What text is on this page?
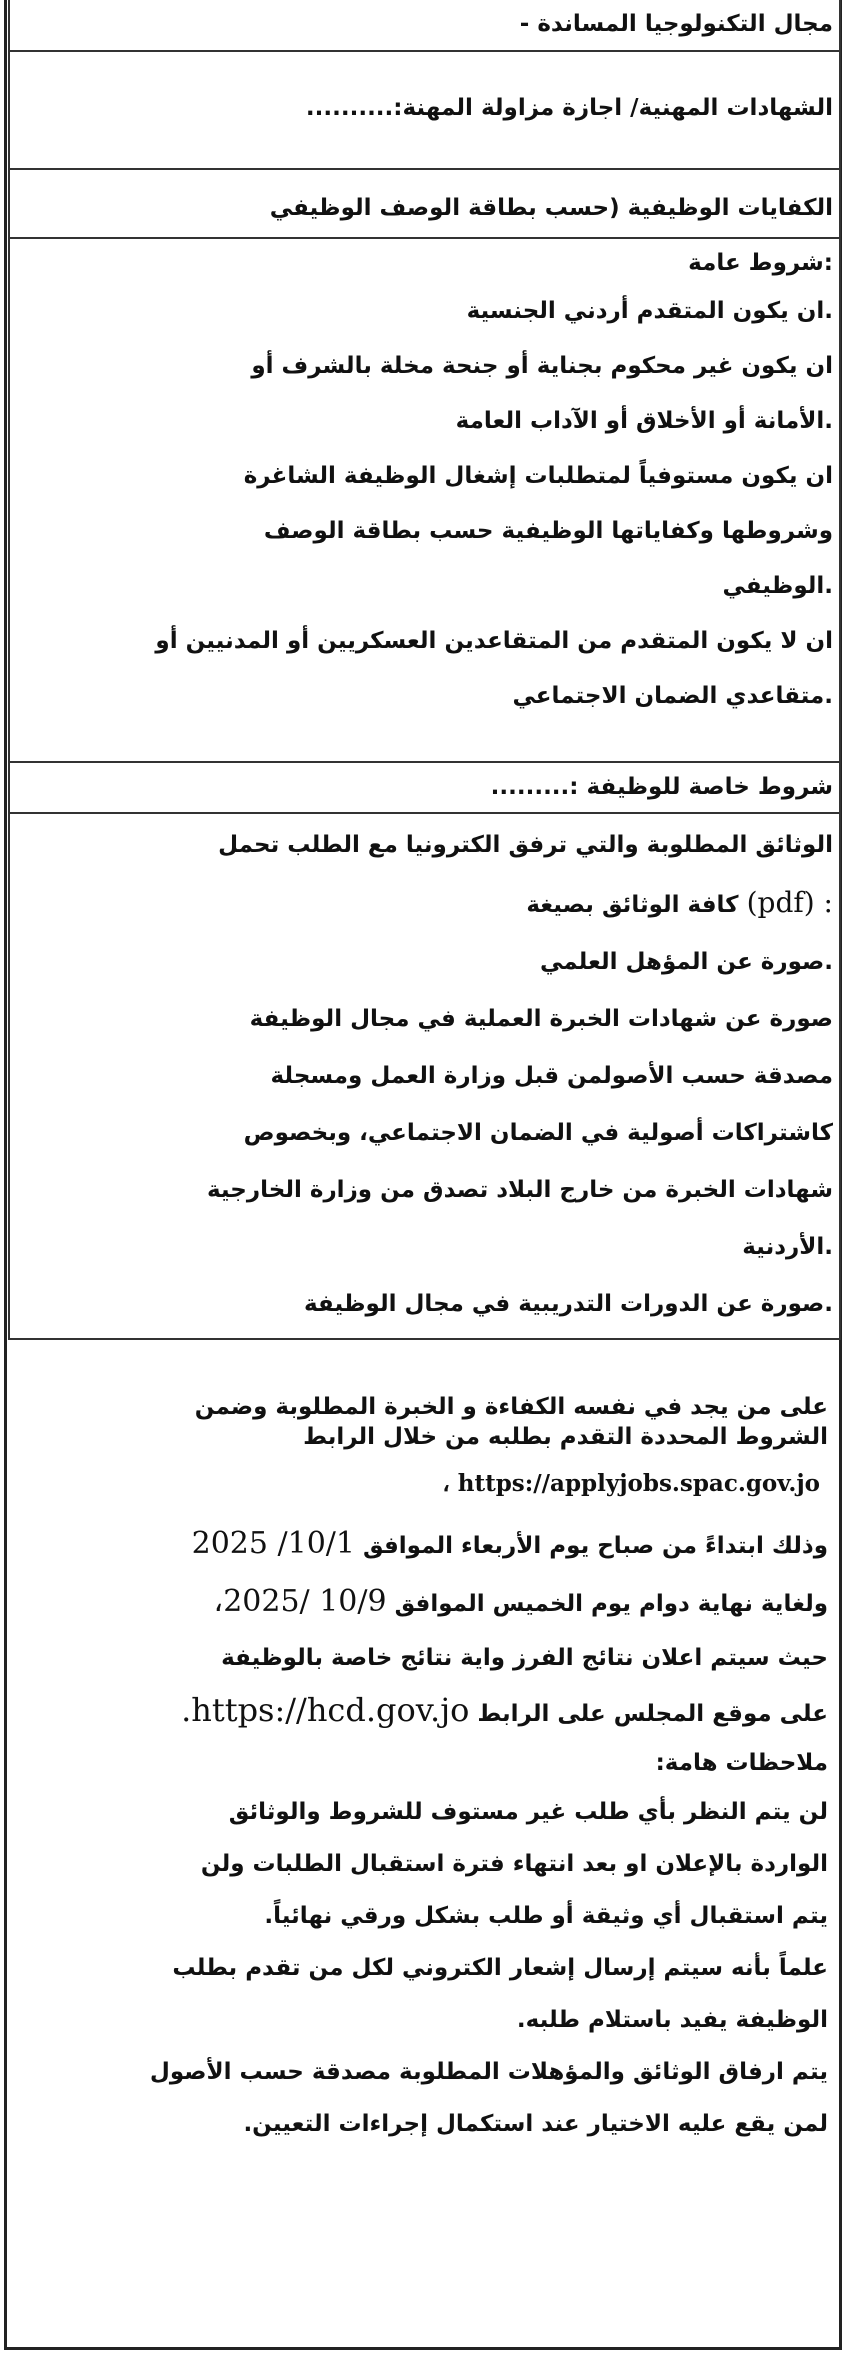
مجال التكنولوجيا المساندة -

الشهادات المهنية/ اجازة مزاولة المهنة:..........

الكفايات الوظيفية (حسب بطاقة الوصف الوظيفي

:شروط عامة

.ان يكون المتقدم أردني الجنسية

ان يكون غير محكوم بجناية أو جنحة مخلة بالشرف أو

.الأمانة أو الأخلاق أو الآداب العامة

ان يكون مستوفياً لمتطلبات إشغال الوظيفة الشاغرة

وشروطها وكفاياتها الوظيفية حسب بطاقة الوصف

.الوظيفي

ان لا يكون المتقدم من المتقاعدين العسكريين أو المدنيين أو

.متقاعدي الضمان الاجتماعي

شروط خاصة للوظيفة :.........

الوثائق المطلوبة والتي ترفق الكترونيا مع الطلب تحمل

: (pdf) كافة الوثائق بصيغة

.صورة عن المؤهل العلمي

صورة عن شهادات الخبرة العملية في مجال الوظيفة

مصدقة حسب الأصولمن قبل وزارة العمل ومسجلة

كاشتراكات أصولية في الضمان الاجتماعي، وبخصوص

شهادات الخبرة من خارج البلاد تصدق من وزارة الخارجية

.الأردنية

.صورة عن الدورات التدريبية في مجال الوظيفة

على من يجد في نفسه الكفاءة و الخبرة المطلوبة وضمن

الشروط المحددة التقدم بطلبه من خلال الرابط

، https://applyjobs.spac.gov.jo

وذلك ابتداءً من صباح يوم الأربعاء الموافق 2025 /10/1

ولغاية نهاية دوام يوم الخميس الموافق ،2025/ 10/9

حيث سيتم اعلان نتائج الفرز واية نتائج خاصة بالوظيفة

على موقع المجلس على الرابط .https://hcd.gov.jo

ملاحظات هامة:

لن يتم النظر بأي طلب غير مستوف للشروط والوثائق

الواردة بالإعلان او بعد انتهاء فترة استقبال الطلبات ولن

يتم استقبال أي وثيقة أو طلب بشكل ورقي نهائياً.

علماً بأنه سيتم إرسال إشعار الكتروني لكل من تقدم بطلب

الوظيفة يفيد باستلام طلبه.

يتم ارفاق الوثائق والمؤهلات المطلوبة مصدقة حسب الأصول

لمن يقع عليه الاختيار عند استكمال إجراءات التعيين.
